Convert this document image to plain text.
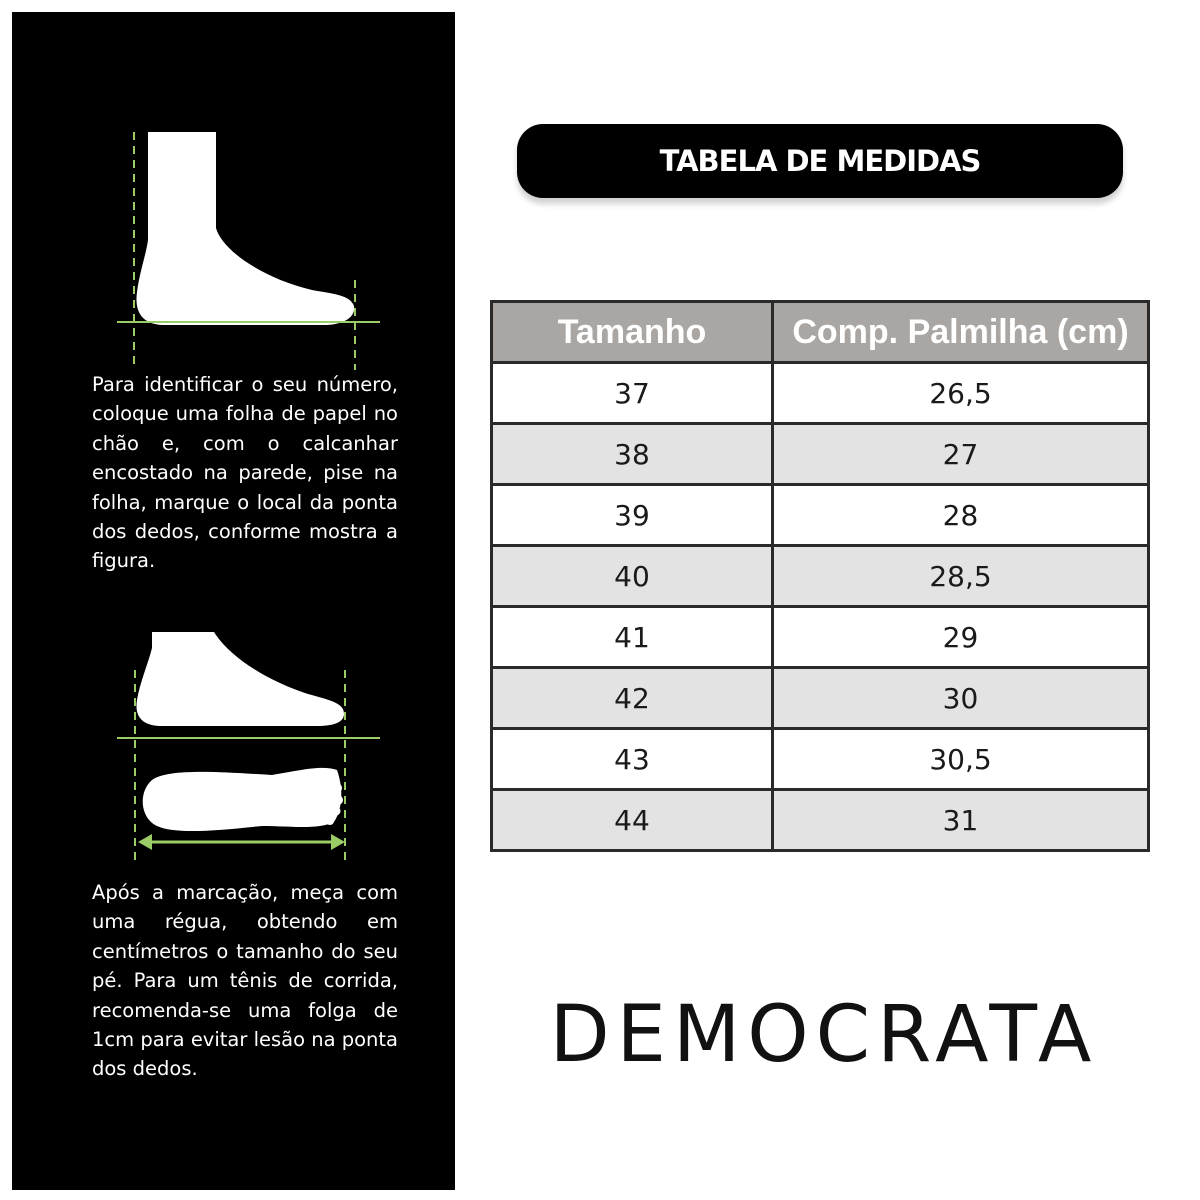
Para identificar o seu número, coloque uma folha de papel no chão e, com o calcanhar encostado na parede, pise na folha, marque o local da ponta dos dedos, conforme mostra a figura.

Após a marcação, meça com uma régua, obtendo em centímetros o tamanho do seu pé. Para um tênis de corrida, recomenda-se uma folga de 1cm para evitar lesão na ponta dos dedos.

TABELA DE MEDIDAS
Tamanho	Comp. Palmilha (cm)
37	26,5
38	27
39	28
40	28,5
41	29
42	30
43	30,5
44	31
DEMOCRATA
